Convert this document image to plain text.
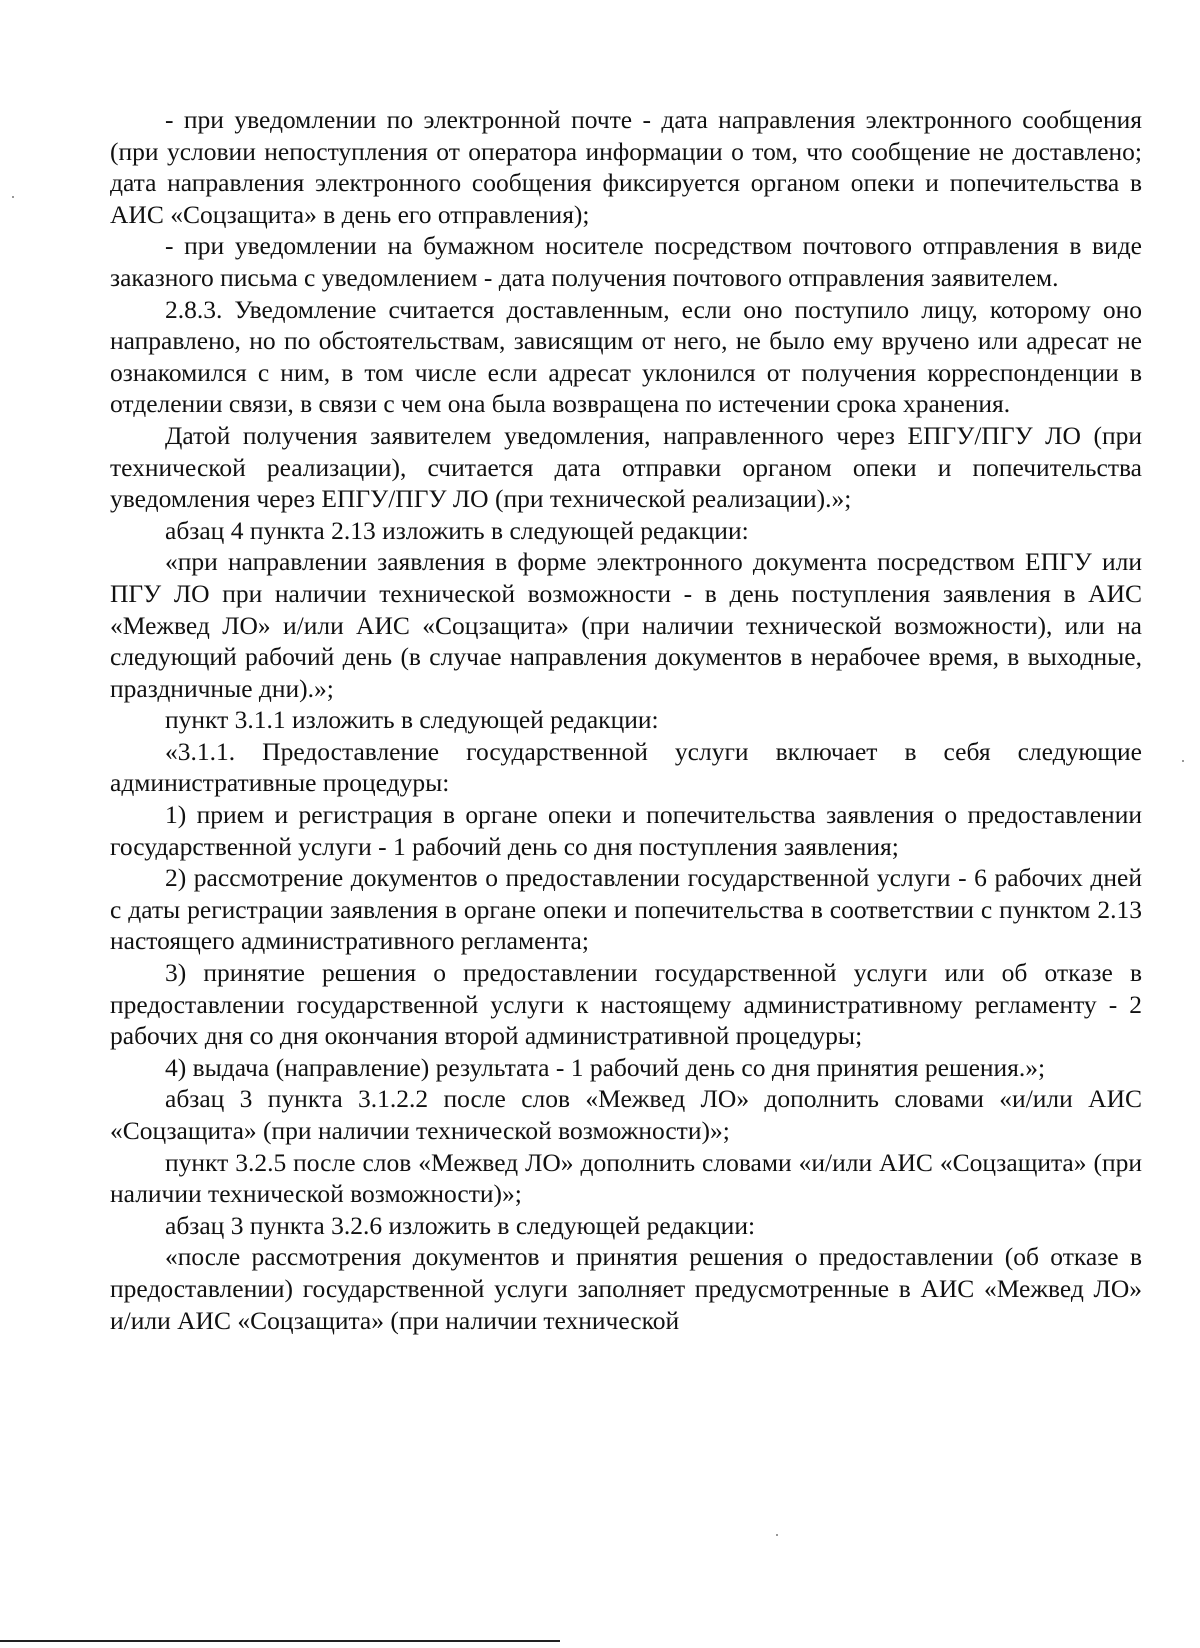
- при уведомлении по электронной почте - дата направления электронного сообщения (при условии непоступления от оператора информации о том, что сообщение не доставлено; дата направления электронного сообщения фиксируется органом опеки и попечительства в АИС «Соцзащита» в день его отправления);

- при уведомлении на бумажном носителе посредством почтового отправления в виде заказного письма с уведомлением - дата получения почтового отправления заявителем.

2.8.3. Уведомление считается доставленным, если оно поступило лицу, которому оно направлено, но по обстоятельствам, зависящим от него, не было ему вручено или адресат не ознакомился с ним, в том числе если адресат уклонился от получения корреспонденции в отделении связи, в связи с чем она была возвращена по истечении срока хранения.

Датой получения заявителем уведомления, направленного через ЕПГУ/ПГУ ЛО (при технической реализации), считается дата отправки органом опеки и попечительства уведомления через ЕПГУ/ПГУ ЛО (при технической реализации).»;

абзац 4 пункта 2.13 изложить в следующей редакции:

«при направлении заявления в форме электронного документа посредством ЕПГУ или ПГУ ЛО при наличии технической возможности - в день поступления заявления в АИС «Межвед ЛО» и/или АИС «Соцзащита» (при наличии технической возможности), или на следующий рабочий день (в случае направления документов в нерабочее время, в выходные, праздничные дни).»;

пункт 3.1.1 изложить в следующей редакции:

«3.1.1. Предоставление государственной услуги включает в себя следующие административные процедуры:

1) прием и регистрация в органе опеки и попечительства заявления о предоставлении государственной услуги - 1 рабочий день со дня поступления заявления;

2) рассмотрение документов о предоставлении государственной услуги - 6 рабочих дней с даты регистрации заявления в органе опеки и попечительства в соответствии с пунктом 2.13 настоящего административного регламента;

3) принятие решения о предоставлении государственной услуги или об отказе в предоставлении государственной услуги к настоящему административному регламенту - 2 рабочих дня со дня окончания второй административной процедуры;

4) выдача (направление) результата - 1 рабочий день со дня принятия решения.»;

абзац 3 пункта 3.1.2.2 после слов «Межвед ЛО» дополнить словами «и/или АИС «Соцзащита» (при наличии технической возможности)»;

пункт 3.2.5 после слов «Межвед ЛО» дополнить словами «и/или АИС «Соцзащита» (при наличии технической возможности)»;

абзац 3 пункта 3.2.6 изложить в следующей редакции:

«после рассмотрения документов и принятия решения о предоставлении (об отказе в предоставлении) государственной услуги заполняет предусмотренные в АИС «Межвед ЛО» и/или АИС «Соцзащита» (при наличии технической
